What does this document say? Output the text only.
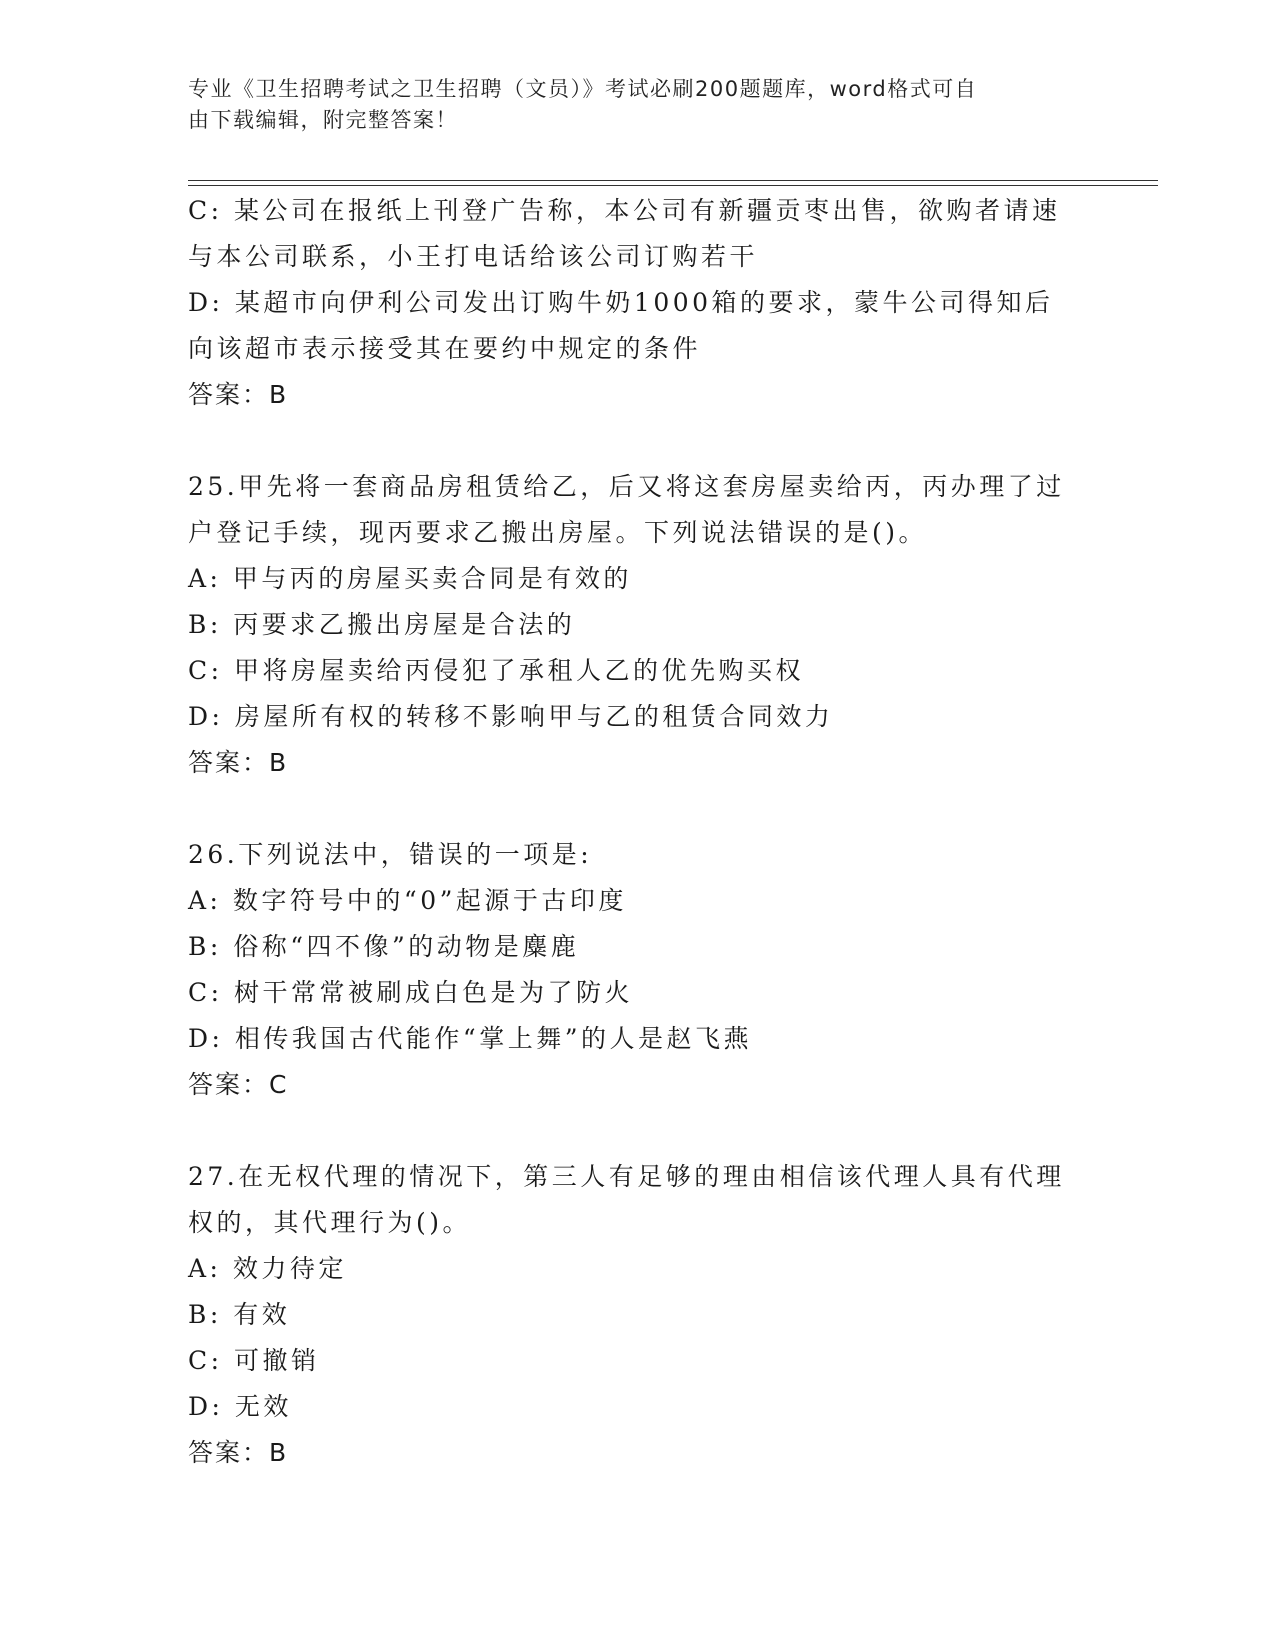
专业《卫生招聘考试之卫生招聘（文员）》考试必刷200题题库，word格式可自
由下载编辑，附完整答案！
C: 某公司在报纸上刊登广告称，本公司有新疆贡枣出售，欲购者请速
与本公司联系，小王打电话给该公司订购若干
D: 某超市向伊利公司发出订购牛奶1000箱的要求，蒙牛公司得知后
向该超市表示接受其在要约中规定的条件
答案：B
25.甲先将一套商品房租赁给乙，后又将这套房屋卖给丙，丙办理了过
户登记手续，现丙要求乙搬出房屋。下列说法错误的是()。
A: 甲与丙的房屋买卖合同是有效的
B: 丙要求乙搬出房屋是合法的
C: 甲将房屋卖给丙侵犯了承租人乙的优先购买权
D: 房屋所有权的转移不影响甲与乙的租赁合同效力
答案：B
26.下列说法中，错误的一项是:
A: 数字符号中的“0”起源于古印度
B: 俗称“四不像”的动物是麋鹿
C: 树干常常被刷成白色是为了防火
D: 相传我国古代能作“掌上舞”的人是赵飞燕
答案：C
27.在无权代理的情况下，第三人有足够的理由相信该代理人具有代理
权的，其代理行为()。
A: 效力待定
B: 有效
C: 可撤销
D: 无效
答案：B
